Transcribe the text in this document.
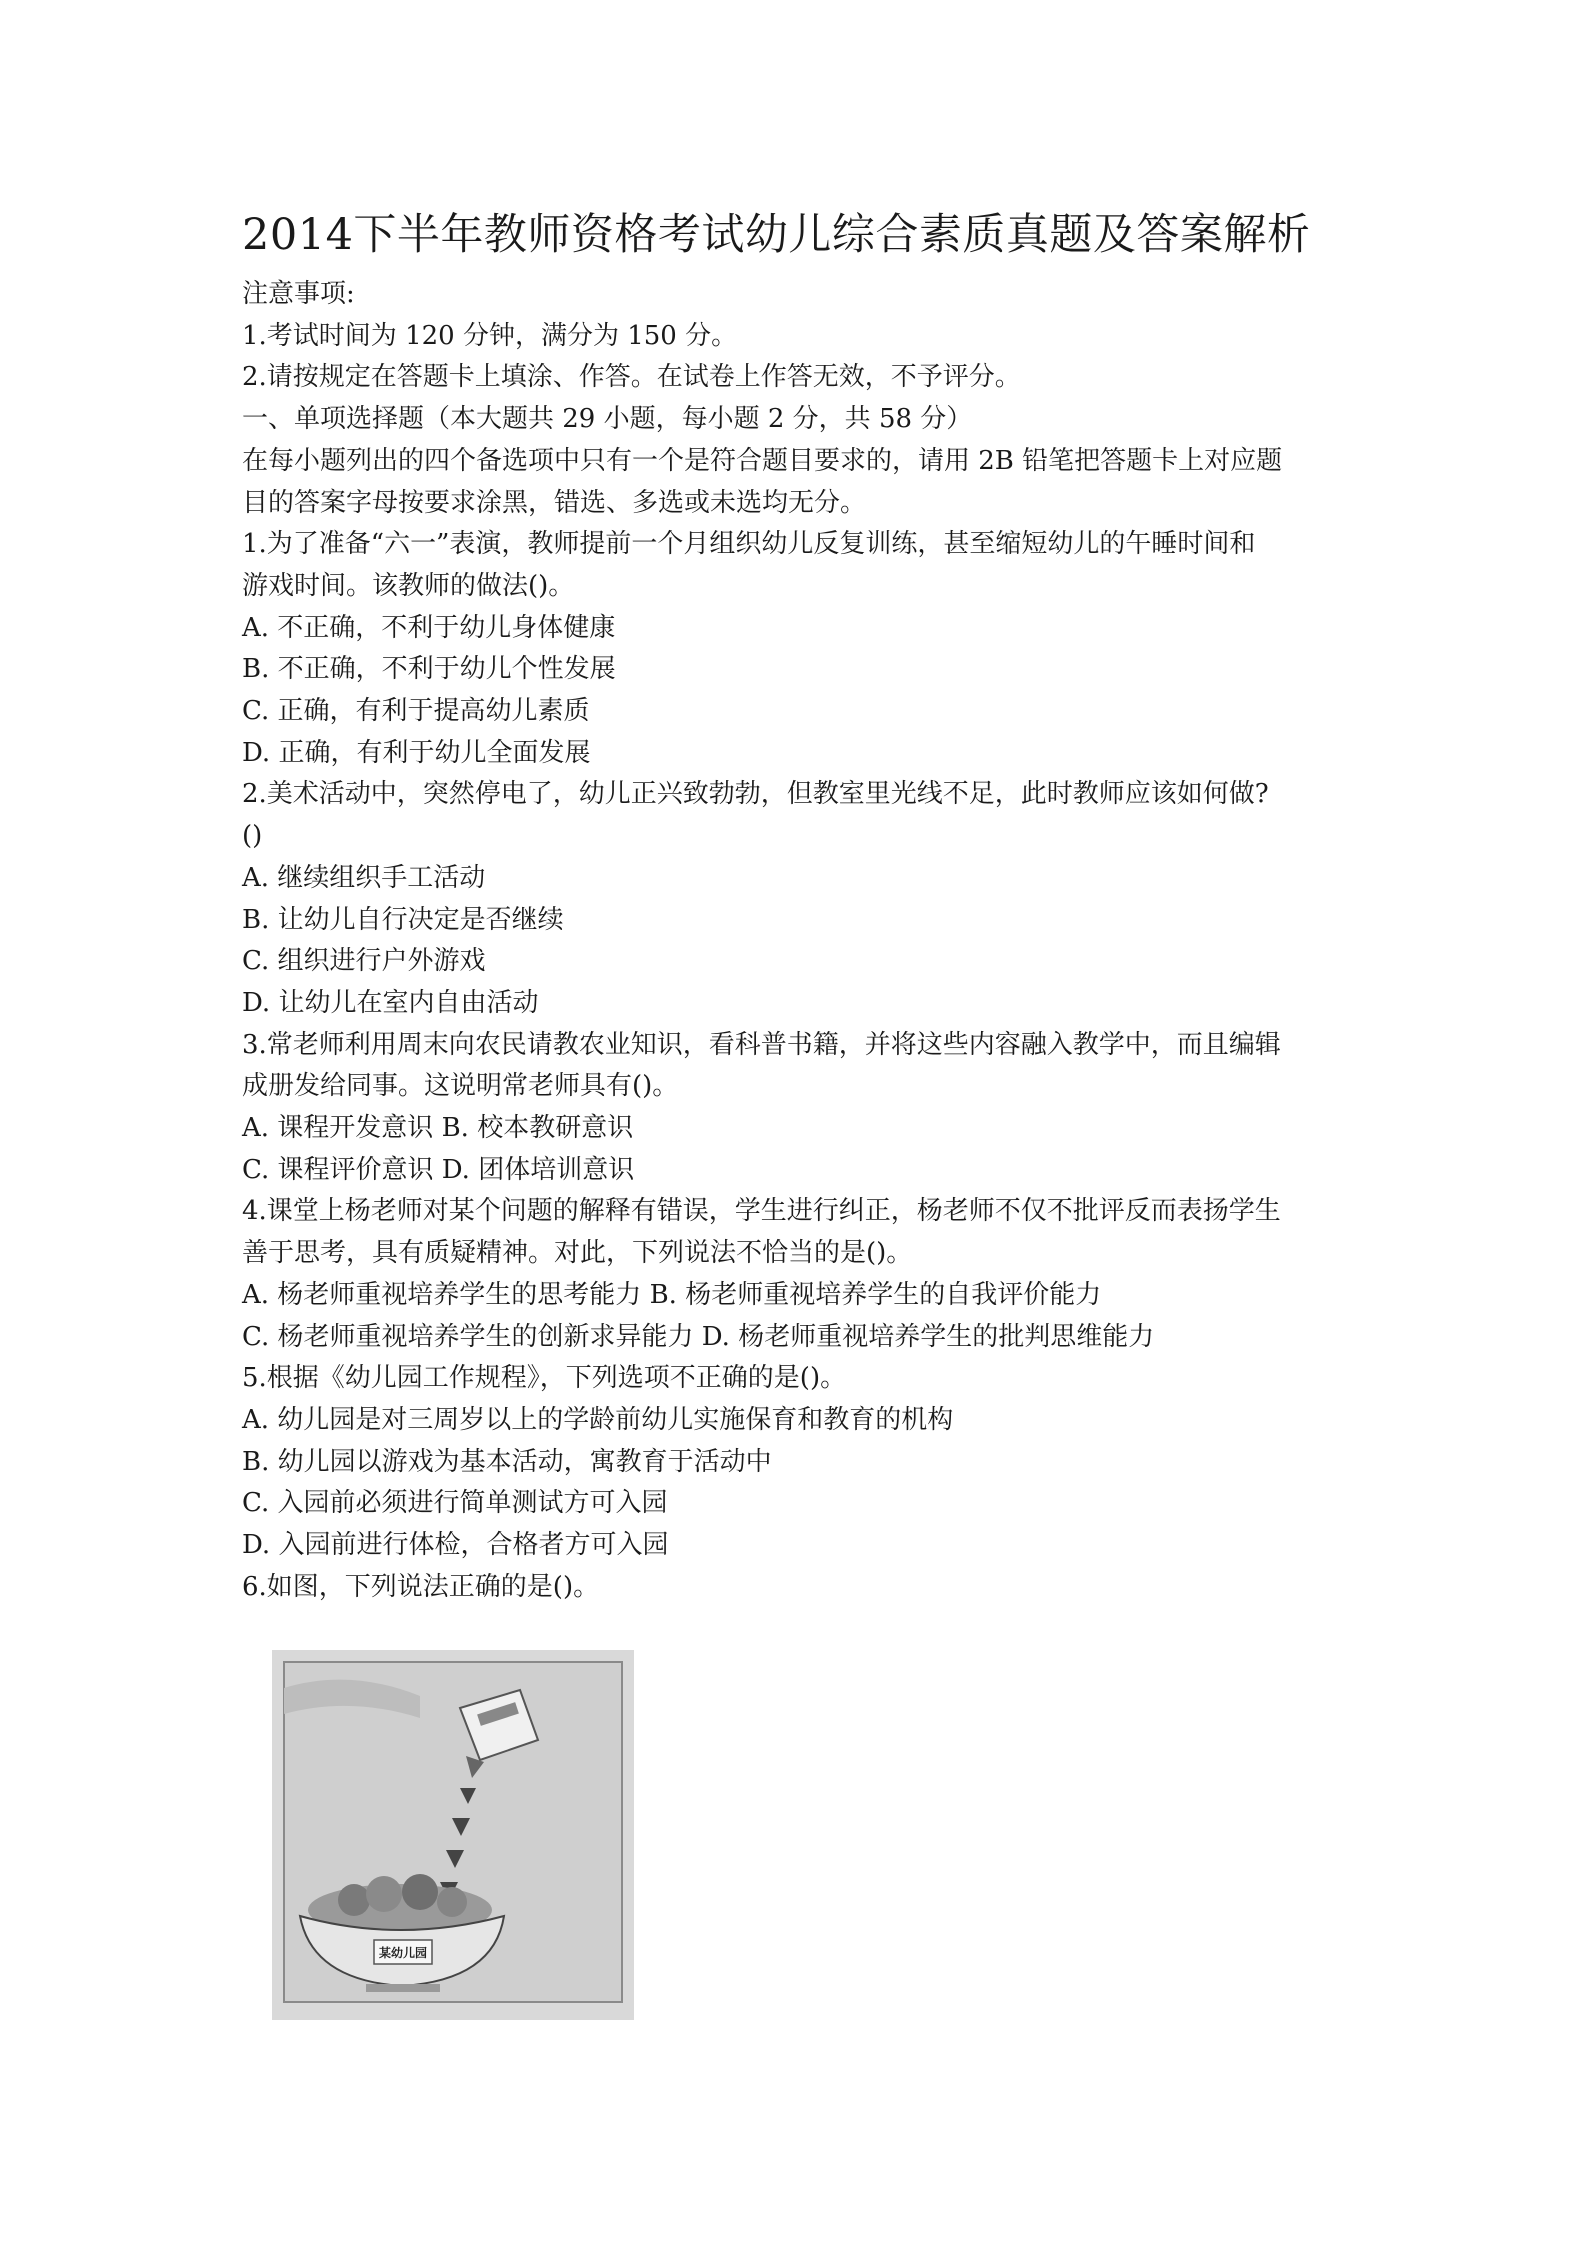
2014下半年教师资格考试幼儿综合素质真题及答案解析

注意事项:

1.考试时间为 120 分钟，满分为 150 分。

2.请按规定在答题卡上填涂、作答。在试卷上作答无效，不予评分。

一、单项选择题（本大题共 29 小题，每小题 2 分，共 58 分）

在每小题列出的四个备选项中只有一个是符合题目要求的，请用 2B 铅笔把答题卡上对应题

目的答案字母按要求涂黑，错选、多选或未选均无分。

1.为了准备“六一”表演，教师提前一个月组织幼儿反复训练，甚至缩短幼儿的午睡时间和

游戏时间。该教师的做法()。

A. 不正确，不利于幼儿身体健康

B. 不正确，不利于幼儿个性发展

C. 正确，有利于提高幼儿素质

D. 正确，有利于幼儿全面发展

2.美术活动中，突然停电了，幼儿正兴致勃勃，但教室里光线不足，此时教师应该如何做?

()

A. 继续组织手工活动

B. 让幼儿自行决定是否继续

C. 组织进行户外游戏

D. 让幼儿在室内自由活动

3.常老师利用周末向农民请教农业知识，看科普书籍，并将这些内容融入教学中，而且编辑

成册发给同事。这说明常老师具有()。

A. 课程开发意识 B. 校本教研意识

C. 课程评价意识 D. 团体培训意识

4.课堂上杨老师对某个问题的解释有错误，学生进行纠正，杨老师不仅不批评反而表扬学生

善于思考，具有质疑精神。对此，下列说法不恰当的是()。

A. 杨老师重视培养学生的思考能力 B. 杨老师重视培养学生的自我评价能力

C. 杨老师重视培养学生的创新求异能力 D. 杨老师重视培养学生的批判思维能力

5.根据《幼儿园工作规程》，下列选项不正确的是()。

A. 幼儿园是对三周岁以上的学龄前幼儿实施保育和教育的机构

B. 幼儿园以游戏为基本活动，寓教育于活动中

C. 入园前必须进行简单测试方可入园

D. 入园前进行体检，合格者方可入园

6.如图，下列说法正确的是()。

某幼儿园
